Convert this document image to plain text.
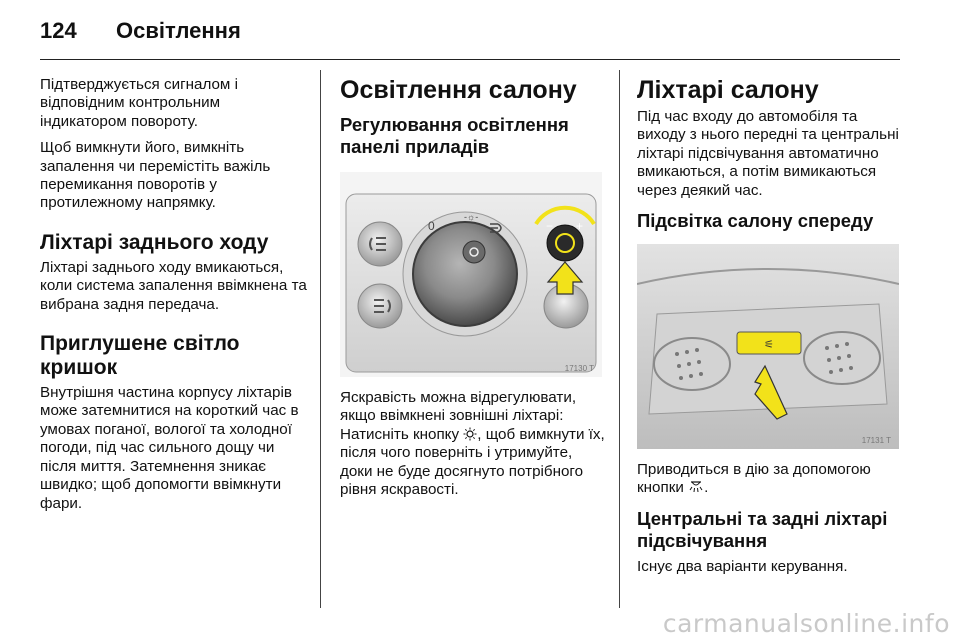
124 Освітлення

Підтверджується сигналом і відповідним контрольним індикатором повороту.

Щоб вимкнути його, вимкніть запалення чи перемістіть важіль перемикання поворотів у протилежному напрямку.

Ліхтарі заднього ходу

Ліхтарі заднього ходу вмикаються, коли система запалення ввімкнена та вибрана задня передача.

Приглушене світло кришок

Внутрішня частина корпусу ліхтарів може затемнитися на короткий час в умовах поганої, вологої та холодної погоди, під час сильного дощу чи після миття. Затемнення зникає швидко; щоб допомогти ввімкнути фари.

Освітлення салону
Регулювання освітлення панелі приладів
0
-☼-
− +
17130 T

Яскравість можна відрегулювати, якщо ввімкнені зовнішні ліхтарі: Натисніть кнопку , щоб вимкнути їх, після чого поверніть і утримуйте, доки не буде досягнуто потрібного рівня яскравості.

Ліхтарі салону

Під час входу до автомобіля та виходу з нього передні та центральні ліхтарі підсвічування автоматично вмикаються, а потім вимикаються через деякий час.

Підсвітка салону спереду
⚟
17131 T

Приводиться в дію за допомогою кнопки .

Центральні та задні ліхтарі підсвічування

Існує два варіанти керування.

carmanualsonline.info
